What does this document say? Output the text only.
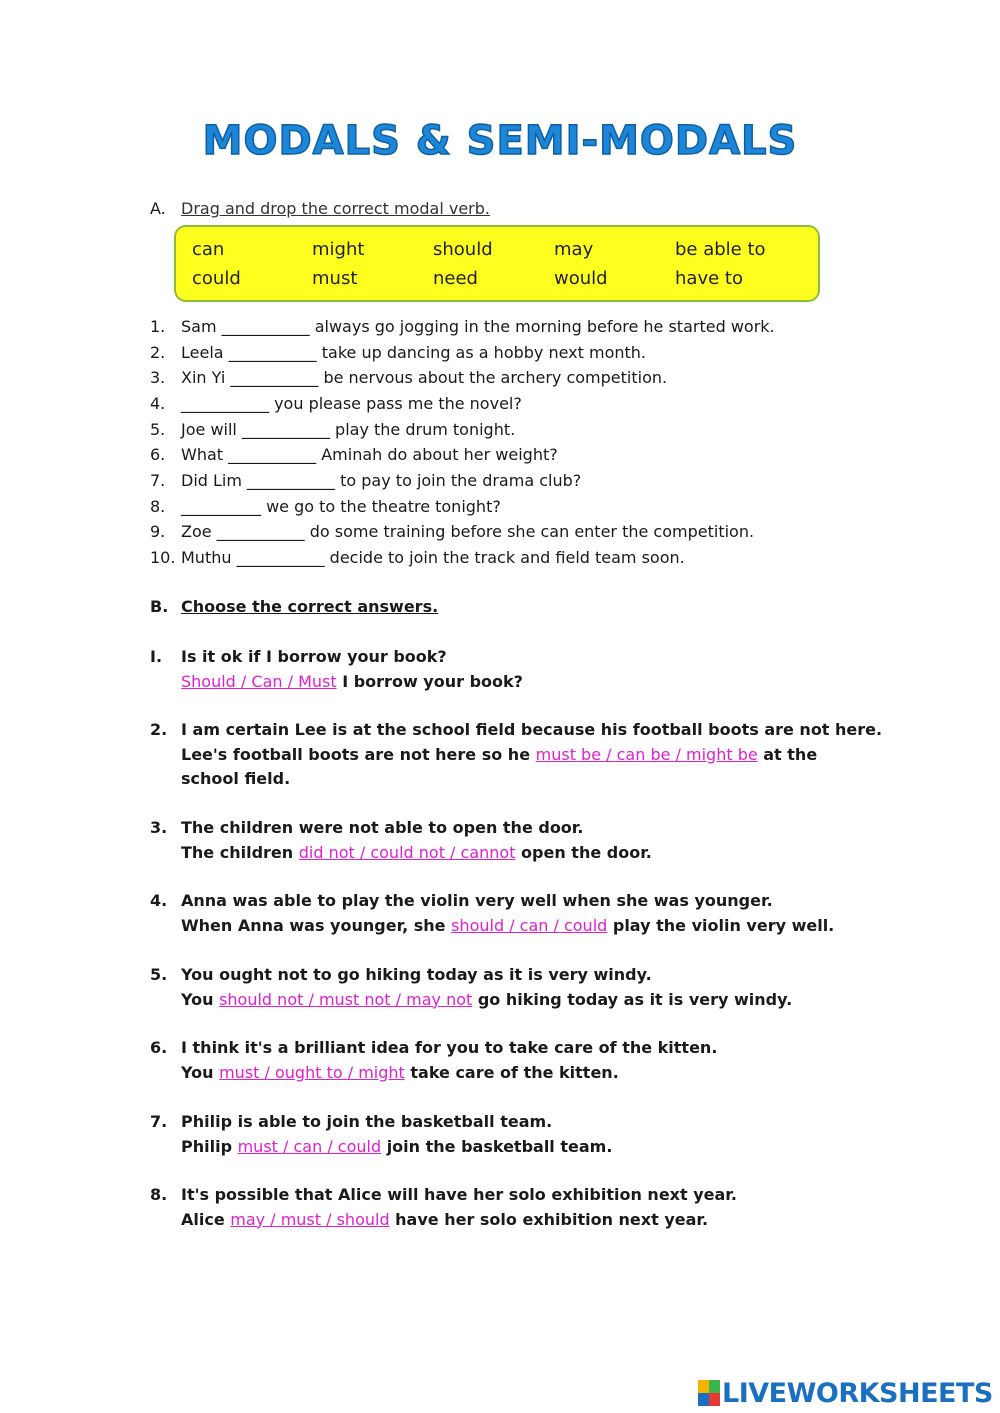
MODALS & SEMI-MODALS
A. Drag and drop the correct modal verb.
can	might	should	may	be able to
could	must	need	would	have to
1. Sam ___________ always go jogging in the morning before he started work.
2. Leela ___________ take up dancing as a hobby next month.
3. Xin Yi ___________ be nervous about the archery competition.
4. ___________ you please pass me the novel?
5. Joe will ___________ play the drum tonight.
6. What ___________ Aminah do about her weight?
7. Did Lim ___________ to pay to join the drama club?
8. __________ we go to the theatre tonight?
9. Zoe ___________ do some training before she can enter the competition.
10. Muthu ___________ decide to join the track and field team soon.
B. Choose the correct answers.
I. Is it ok if I borrow your book?
Should / Can / Must I borrow your book?
2. I am certain Lee is at the school field because his football boots are not here.
Lee's football boots are not here so he must be / can be / might be at the school field.
3. The children were not able to open the door.
The children did not / could not / cannot open the door.
4. Anna was able to play the violin very well when she was younger.
When Anna was younger, she should / can / could play the violin very well.
5. You ought not to go hiking today as it is very windy.
You should not / must not / may not go hiking today as it is very windy.
6. I think it's a brilliant idea for you to take care of the kitten.
You must / ought to / might take care of the kitten.
7. Philip is able to join the basketball team.
Philip must / can / could join the basketball team.
8. It's possible that Alice will have her solo exhibition next year.
Alice may / must / should have her solo exhibition next year.
LIVEWORKSHEETS
